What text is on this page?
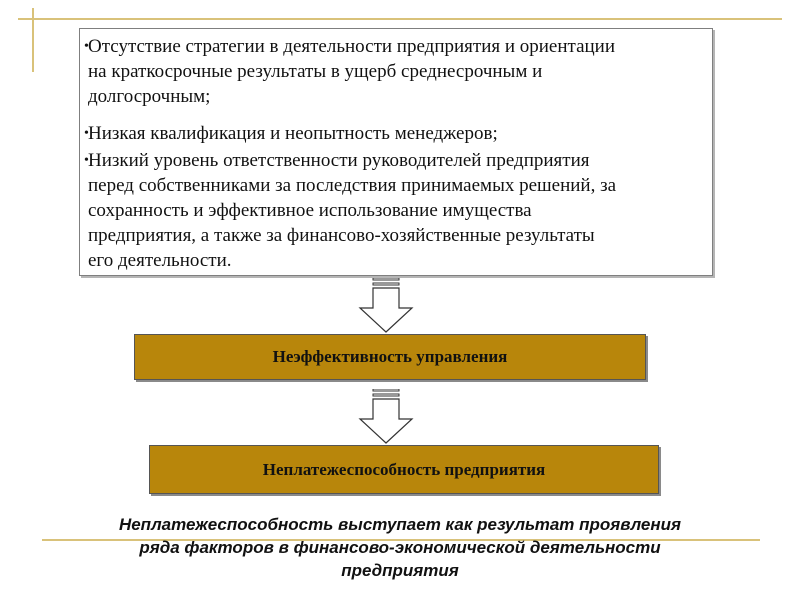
• Отсутствие стратегии в деятельности предприятия и ориентации
на краткосрочные результаты в ущерб среднесрочным и
долгосрочным;
• Низкая квалификация и неопытность менеджеров;
• Низкий уровень ответственности руководителей предприятия
перед собственниками за последствия принимаемых решений, за
сохранность и эффективное использование имущества
предприятия, а также за финансово-хозяйственные результаты
его деятельности.
Неэффективность управления
Неплатежеспособность предприятия

Неплатежеспособность выступает как результат проявления
ряда факторов в финансово-экономической деятельности
предприятия
